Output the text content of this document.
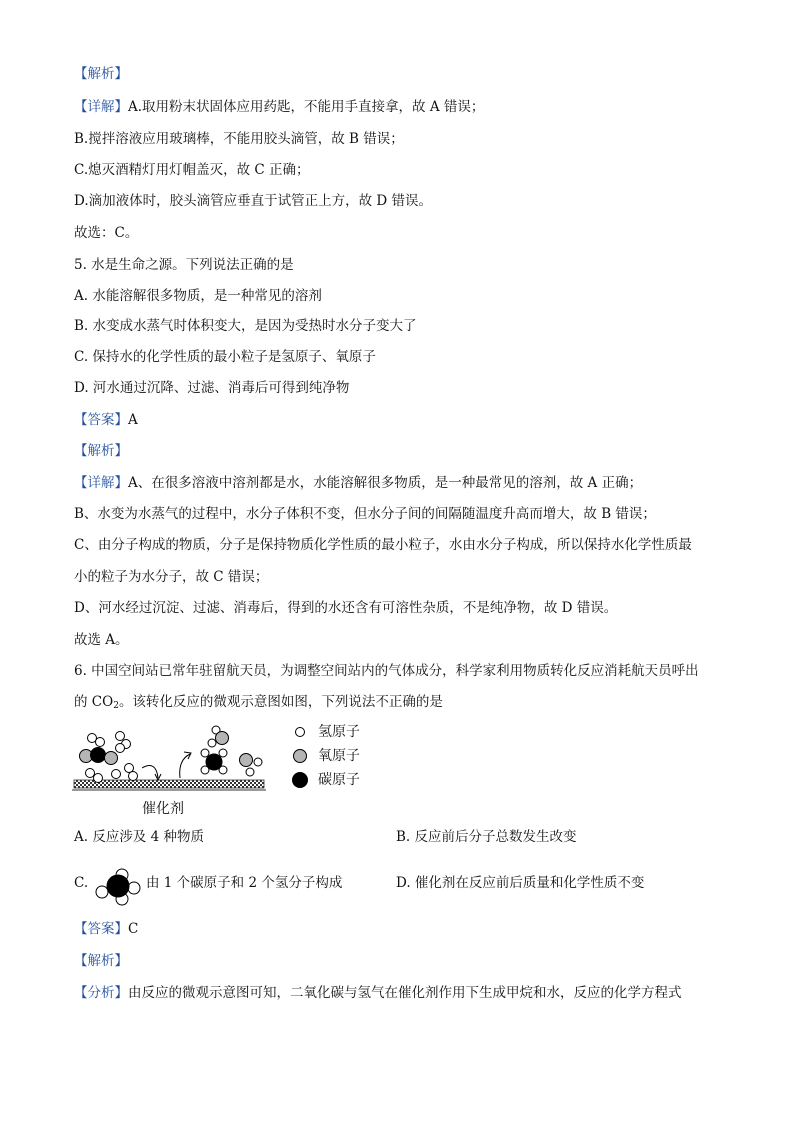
【解析】
【详解】A.取用粉末状固体应用药匙，不能用手直接拿，故 A 错误；
B.搅拌溶液应用玻璃棒，不能用胶头滴管，故 B 错误；
C.熄灭酒精灯用灯帽盖灭，故 C 正确；
D.滴加液体时，胶头滴管应垂直于试管正上方，故 D 错误。
故选：C。
5. 水是生命之源。下列说法正确的是
A. 水能溶解很多物质，是一种常见的溶剂
B. 水变成水蒸气时体积变大，是因为受热时水分子变大了
C. 保持水的化学性质的最小粒子是氢原子、氧原子
D. 河水通过沉降、过滤、消毒后可得到纯净物
【答案】A
【解析】
【详解】A、在很多溶液中溶剂都是水，水能溶解很多物质，是一种最常见的溶剂，故 A 正确；
B、水变为水蒸气的过程中，水分子体积不变，但水分子间的间隔随温度升高而增大，故 B 错误；
C、由分子构成的物质，分子是保持物质化学性质的最小粒子，水由水分子构成，所以保持水化学性质最
小的粒子为水分子，故 C 错误；
D、河水经过沉淀、过滤、消毒后，得到的水还含有可溶性杂质，不是纯净物，故 D 错误。
故选 A。
6. 中国空间站已常年驻留航天员，为调整空间站内的气体成分，科学家利用物质转化反应消耗航天员呼出
的 $CO_2$。该转化反应的微观示意图如图，下列说法不正确的是
催化剂
氢原子
氧原子
碳原子
A. 反应涉及 4 种物质	B. 反应前后分子总数发生改变
C.	由 1 个碳原子和 2 个氢分子构成	D. 催化剂在反应前后质量和化学性质不变
【答案】C
【解析】
【分析】由反应的微观示意图可知，二氧化碳与氢气在催化剂作用下生成甲烷和水，反应的化学方程式
